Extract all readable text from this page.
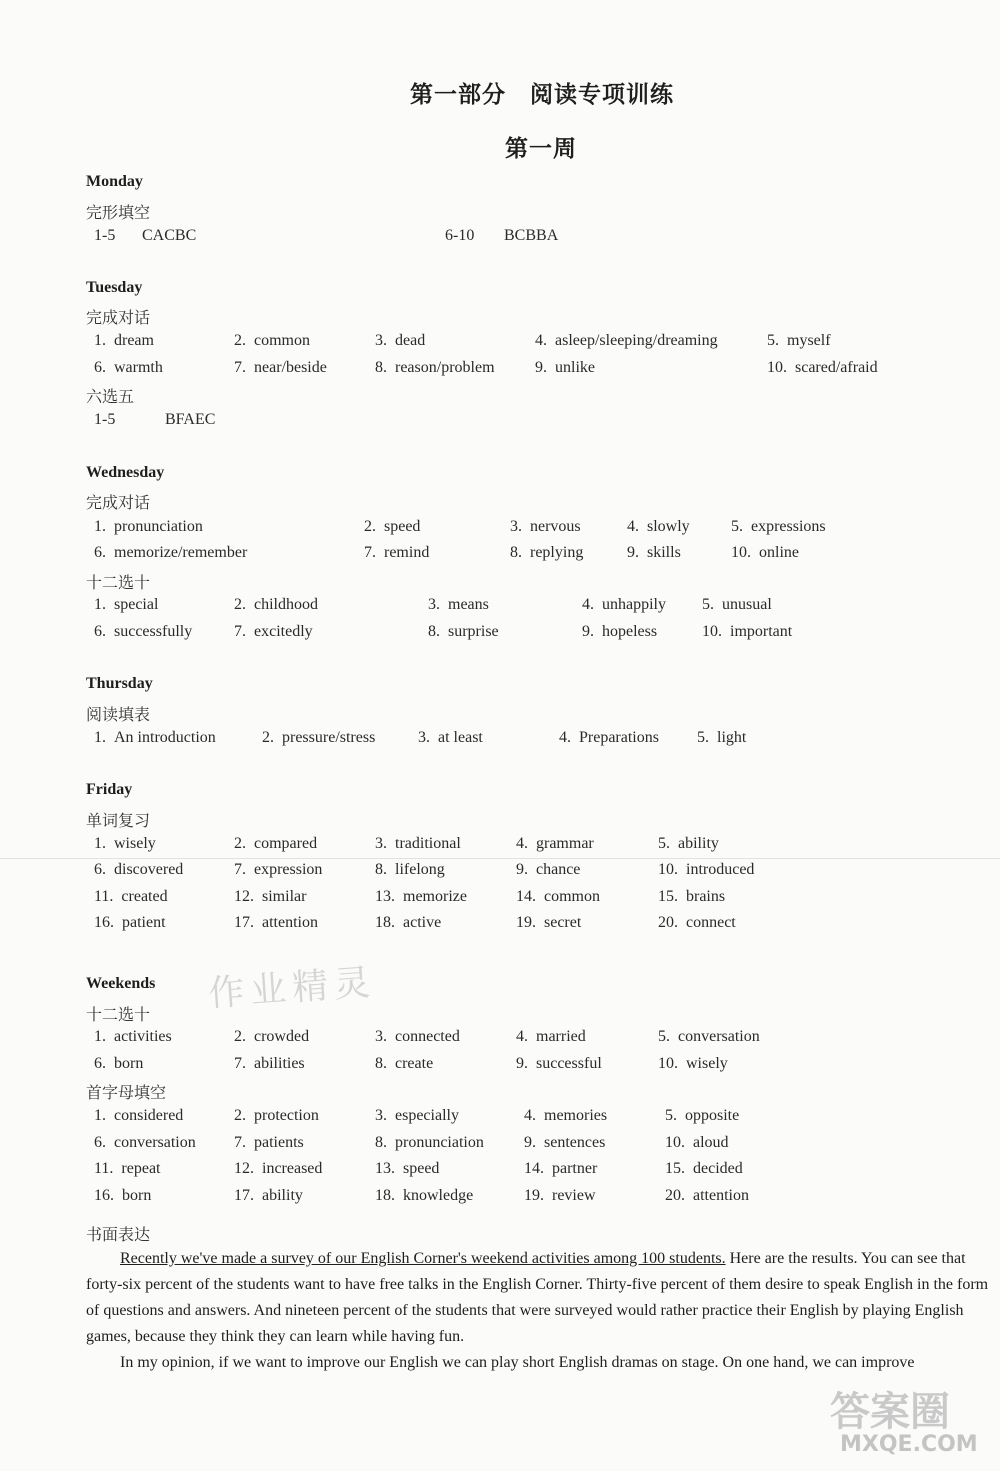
第一部分　阅读专项训练
第一周
Monday
完形填空
1-5 CACBC	6-10 BCBBA
Tuesday
完成对话
1. dream	2. common	3. dead	4. asleep/sleeping/dreaming	5. myself
6. warmth	7. near/beside	8. reason/problem	9. unlike	10. scared/afraid
六选五
1-5	BFAEC
Wednesday
完成对话
1. pronunciation	2. speed	3. nervous	4. slowly	5. expressions
6. memorize/remember	7. remind	8. replying	9. skills	10. online
十二选十
1. special	2. childhood	3. means	4. unhappily 5. unusual
6. successfully	7. excitedly	8. surprise	9. hopeless	10. important
Thursday
阅读填表
1. An introduction	2. pressure/stress	3. at least	4. Preparations 5. light
Friday
单词复习
1. wisely	2. compared	3. traditional	4. grammar	5. ability
6. discovered	7. expression	8. lifelong	9. chance	10. introduced
11. created	12. similar	13. memorize	14. common	15. brains
16. patient	17. attention	18. active	19. secret	20. connect
Weekends 作业精灵
十二选十
1. activities	2. crowded	3. connected	4. married	5. conversation
6. born	7. abilities	8. create	9. successful	10. wisely
首字母填空
1. considered	2. protection	3. especially	4. memories	5. opposite
6. conversation 7. patients	8. pronunciation	9. sentences	10. aloud
11. repeat	12. increased	13. speed	14. partner	15. decided
16. born	17. ability	18. knowledge	19. review	20. attention
书面表达

Recently we've made a survey of our English Corner's weekend activities among 100 students. Here are the results. You can see that forty-six percent of the students want to have free talks in the English Corner. Thirty-five percent of them desire to speak English in the form of questions and answers. And nineteen percent of the students that were surveyed would rather practice their English by playing English games, because they think they can learn while having fun.

In my opinion, if we want to improve our English we can play short English dramas on stage. On one hand, we can improve

答案圈
MXQE.COM
